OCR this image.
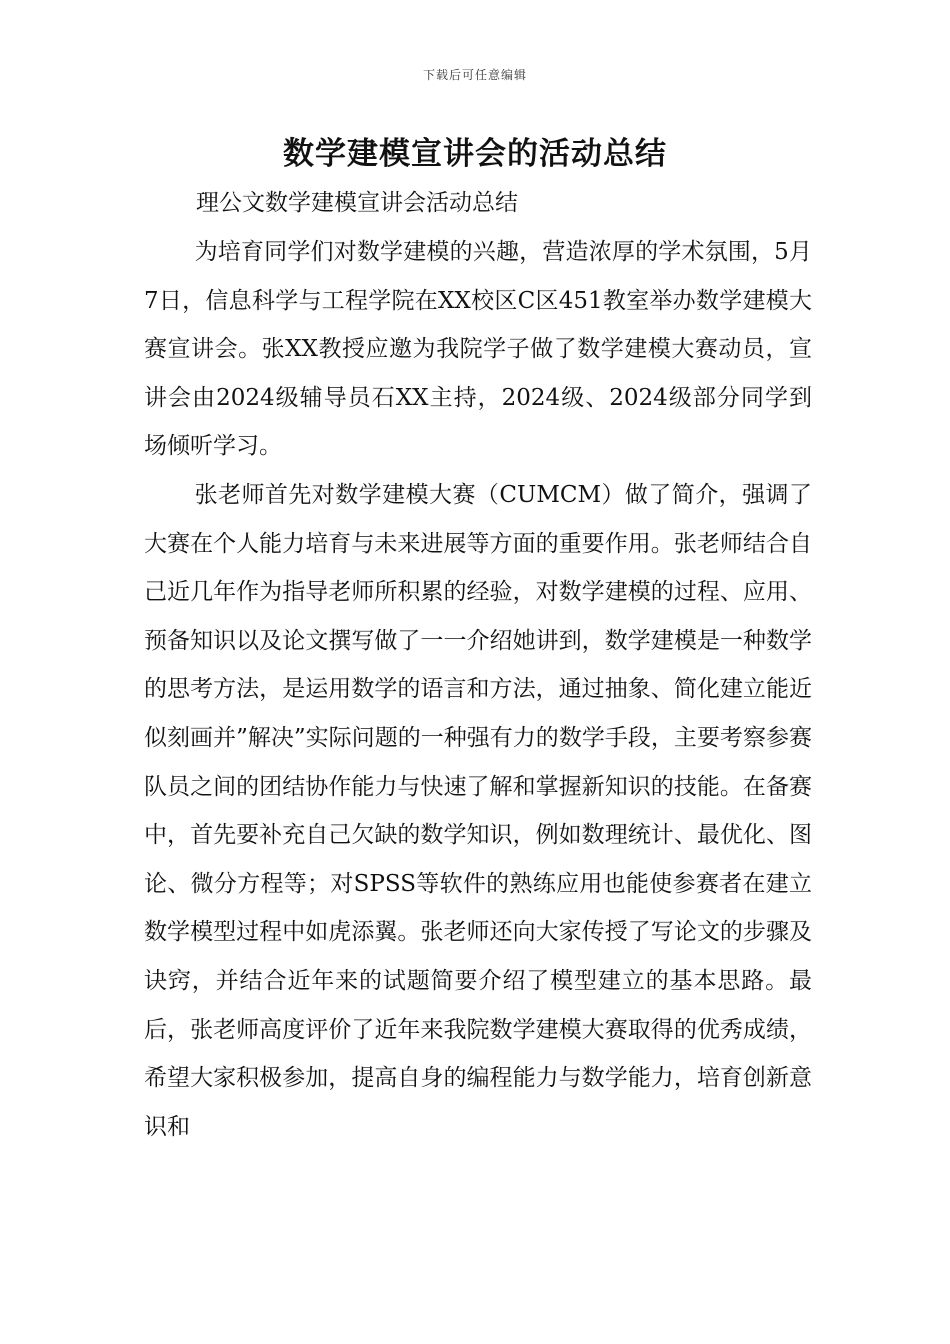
下载后可任意编辑
数学建模宣讲会的活动总结

理公文数学建模宣讲会活动总结

为培育同学们对数学建模的兴趣，营造浓厚的学术氛围，5月7日，信息科学与工程学院在XX校区C区451教室举办数学建模大赛宣讲会。张XX教授应邀为我院学子做了数学建模大赛动员，宣讲会由2024级辅导员石XX主持，2024级、2024级部分同学到场倾听学习。

张老师首先对数学建模大赛（CUMCM）做了简介，强调了大赛在个人能力培育与未来进展等方面的重要作用。张老师结合自己近几年作为指导老师所积累的经验，对数学建模的过程、应用、预备知识以及论文撰写做了一一介绍她讲到，数学建模是一种数学的思考方法，是运用数学的语言和方法，通过抽象、简化建立能近似刻画并”解决”实际问题的一种强有力的数学手段，主要考察参赛队员之间的团结协作能力与快速了解和掌握新知识的技能。在备赛中，首先要补充自己欠缺的数学知识，例如数理统计、最优化、图论、微分方程等；对SPSS等软件的熟练应用也能使参赛者在建立数学模型过程中如虎添翼。张老师还向大家传授了写论文的步骤及诀窍，并结合近年来的试题简要介绍了模型建立的基本思路。最后，张老师高度评价了近年来我院数学建模大赛取得的优秀成绩，希望大家积极参加，提高自身的编程能力与数学能力，培育创新意识和
